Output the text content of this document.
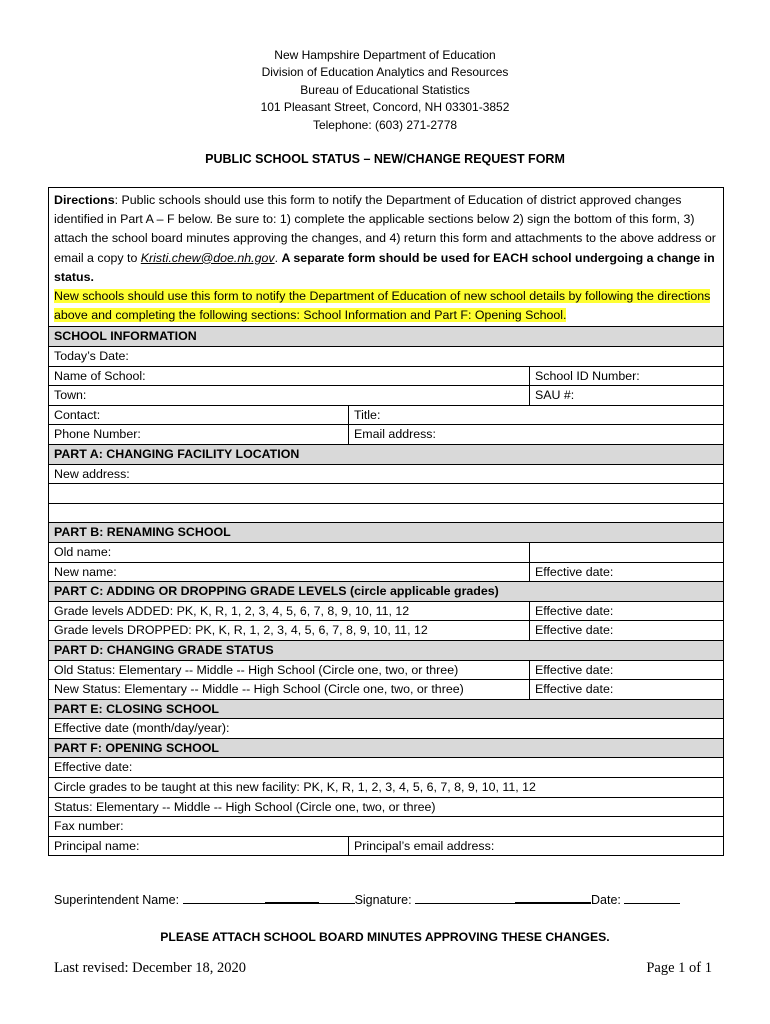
New Hampshire Department of Education
Division of Education Analytics and Resources
Bureau of Educational Statistics
101 Pleasant Street, Concord, NH 03301-3852
Telephone: (603) 271-2778
PUBLIC SCHOOL STATUS – NEW/CHANGE REQUEST FORM
Directions: Public schools should use this form to notify the Department of Education of district approved changes identified in Part A – F below. Be sure to: 1) complete the applicable sections below 2) sign the bottom of this form, 3) attach the school board minutes approving the changes, and 4) return this form and attachments to the above address or email a copy to Kristi.chew@doe.nh.gov. A separate form should be used for EACH school undergoing a change in status.
New schools should use this form to notify the Department of Education of new school details by following the directions above and completing the following sections: School Information and Part F: Opening School.		
SCHOOL INFORMATION		
Today’s Date:		
Name of School:		School ID Number:
Town:		SAU #:
Contact:	Title:	
Phone Number:	Email address:	
PART A: CHANGING FACILITY LOCATION		
New address:		

PART B: RENAMING SCHOOL		
Old name:		
New name:		Effective date:
PART C: ADDING OR DROPPING GRADE LEVELS (circle applicable grades)		
Grade levels ADDED: PK, K, R, 1, 2, 3, 4, 5, 6, 7, 8, 9, 10, 11, 12		Effective date:
Grade levels DROPPED: PK, K, R, 1, 2, 3, 4, 5, 6, 7, 8, 9, 10, 11, 12		Effective date:
PART D: CHANGING GRADE STATUS		
Old Status: Elementary -- Middle -- High School (Circle one, two, or three)		Effective date:
New Status: Elementary -- Middle -- High School (Circle one, two, or three)		Effective date:
PART E: CLOSING SCHOOL		
Effective date (month/day/year):		
PART F: OPENING SCHOOL		
Effective date:		
Circle grades to be taught at this new facility: PK, K, R, 1, 2, 3, 4, 5, 6, 7, 8, 9, 10, 11, 12		
Status: Elementary -- Middle -- High School (Circle one, two, or three)		
Fax number:		
Principal name:	Principal’s email address:	
Superintendent Name:	Signature:	Date:
PLEASE ATTACH SCHOOL BOARD MINUTES APPROVING THESE CHANGES.
Last revised: December 18, 2020	Page 1 of 1
